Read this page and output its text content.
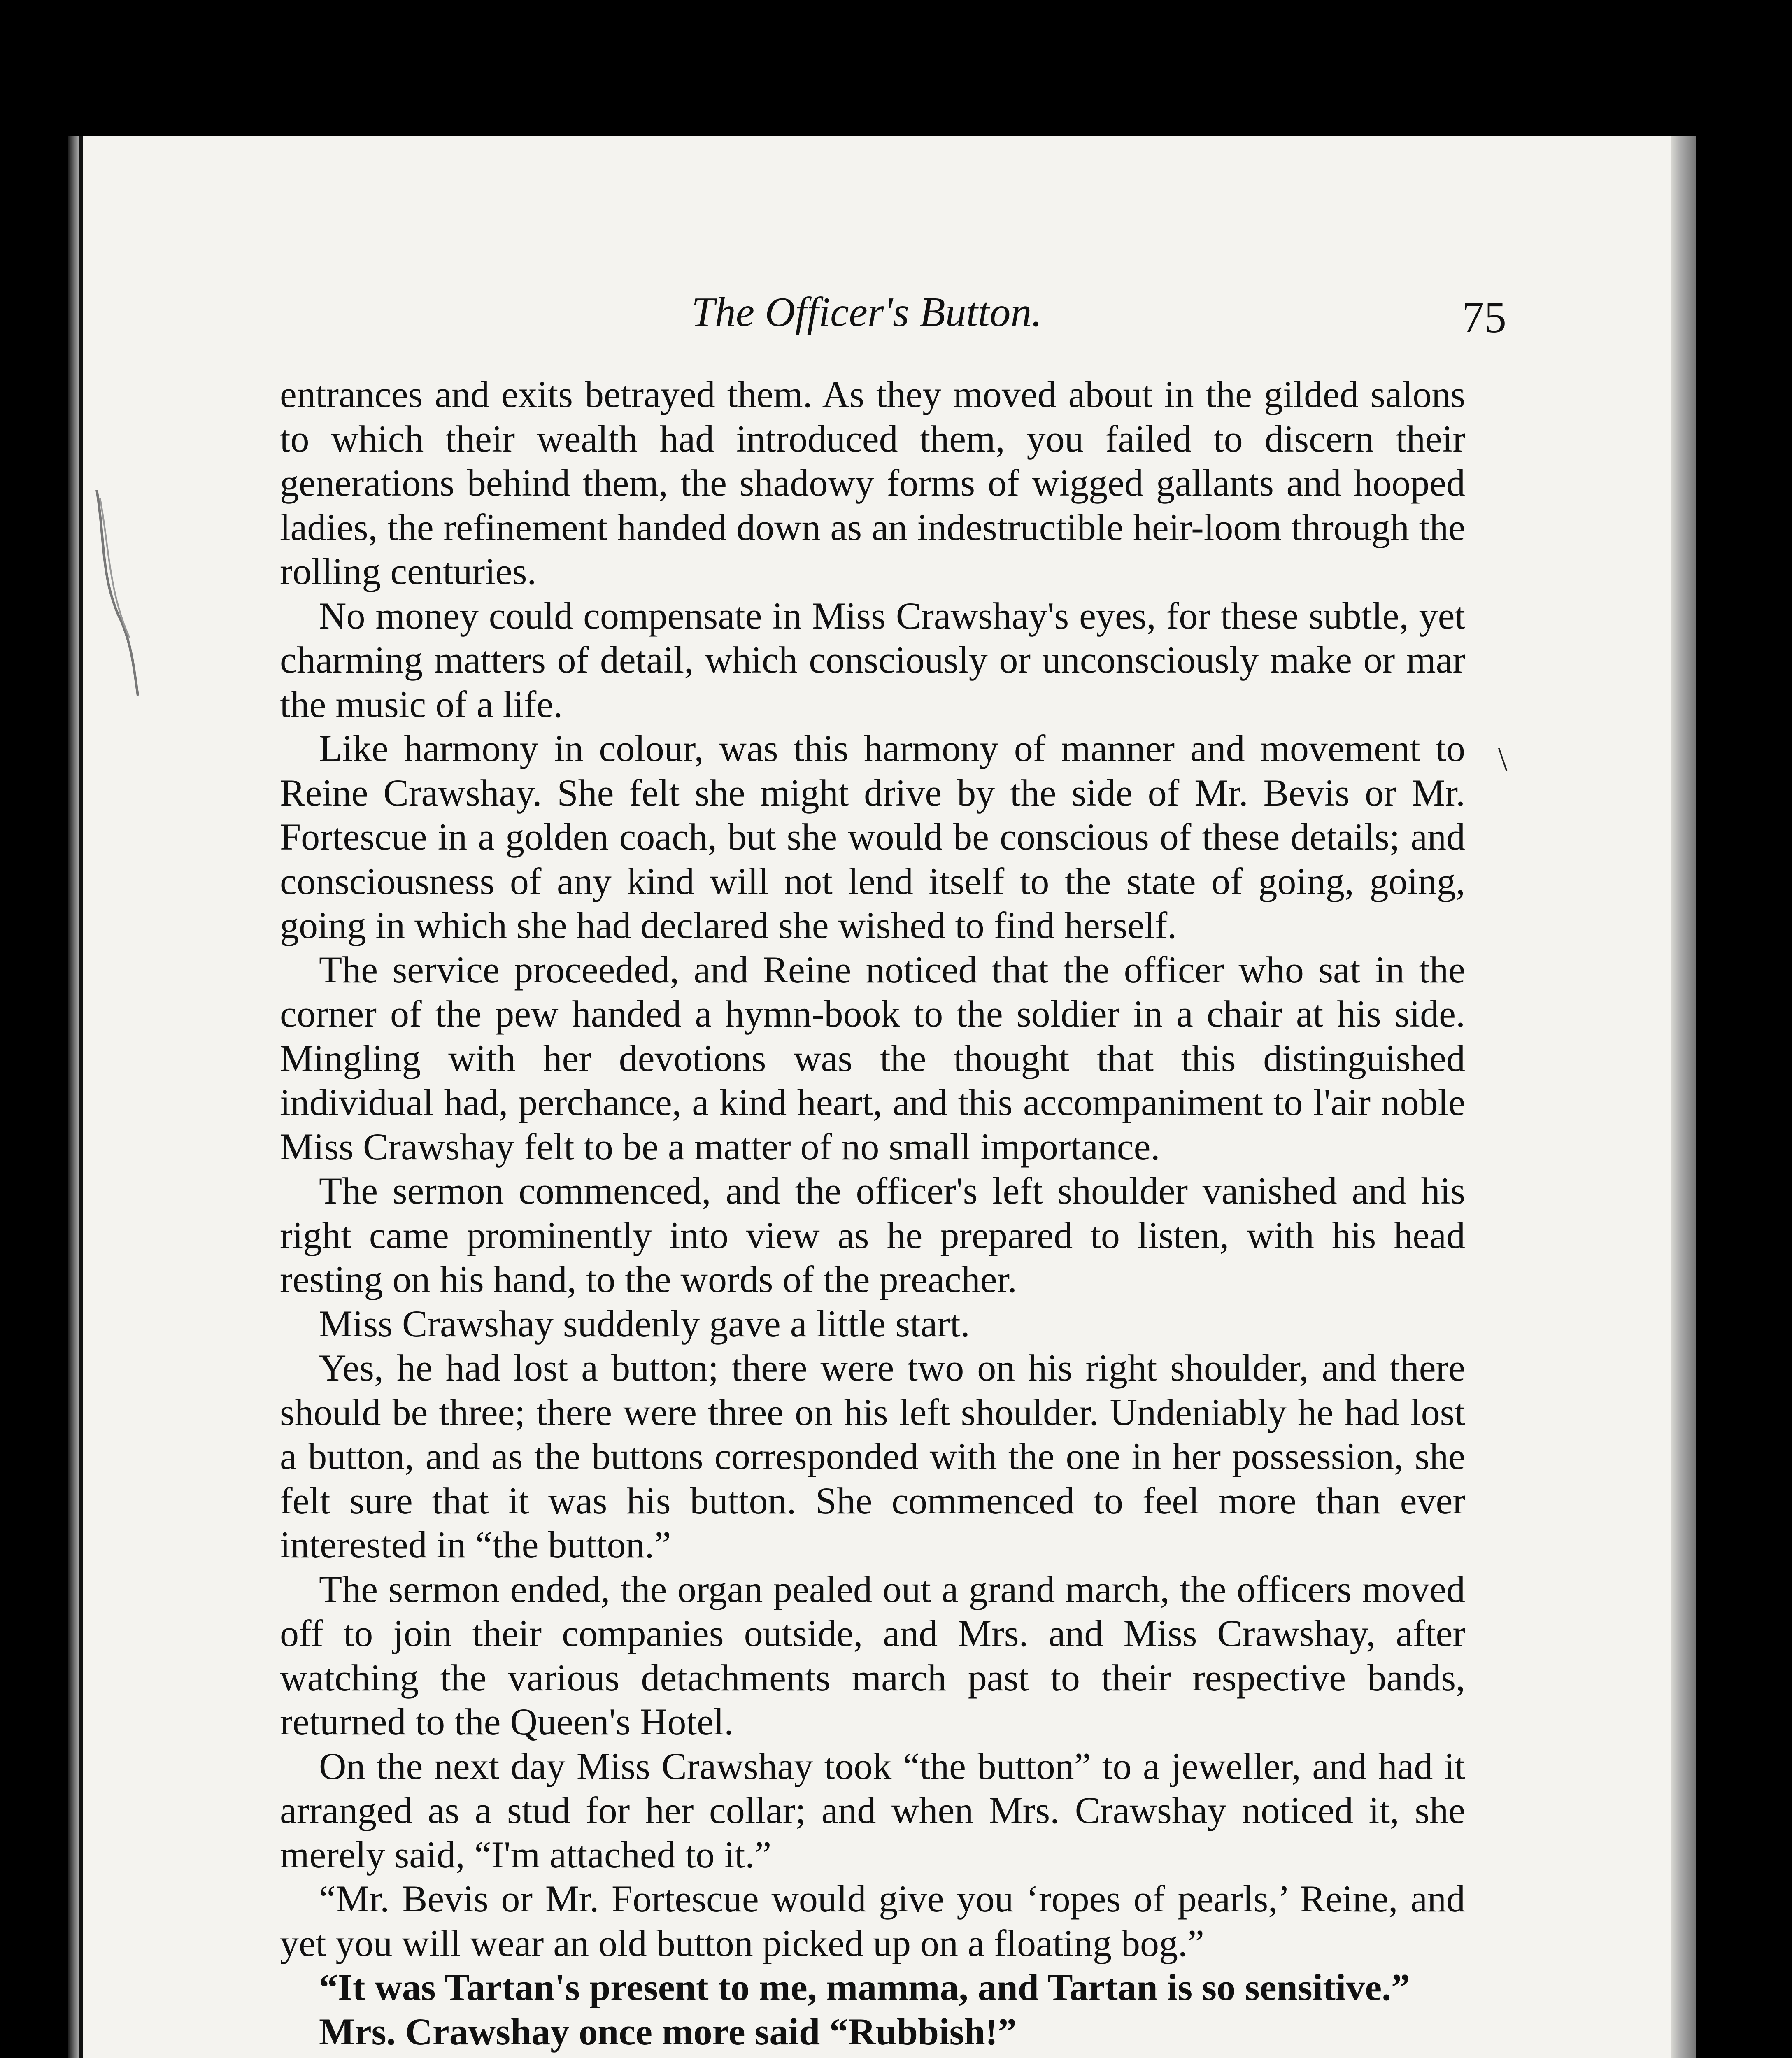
The Officer's Button.	75

entrances and exits betrayed them. As they moved about in the gilded salons to which their wealth had introduced them, you failed to discern their generations behind them, the shadowy forms of wigged gallants and hooped ladies, the refinement handed down as an indestructible heir-loom through the rolling centuries.

No money could compensate in Miss Crawshay's eyes, for these subtle, yet charming matters of detail, which consciously or unconsciously make or mar the music of a life.

Like harmony in colour, was this harmony of manner and movement to Reine Crawshay. She felt she might drive by the side of Mr. Bevis or Mr. Fortescue in a golden coach, but she would be conscious of these details; and consciousness of any kind will not lend itself to the state of going, going, going in which she had declared she wished to find herself.

The service proceeded, and Reine noticed that the officer who sat in the corner of the pew handed a hymn-book to the soldier in a chair at his side. Mingling with her devotions was the thought that this distinguished individual had, perchance, a kind heart, and this accompaniment to l'air noble Miss Crawshay felt to be a matter of no small importance.

The sermon commenced, and the officer's left shoulder vanished and his right came prominently into view as he prepared to listen, with his head resting on his hand, to the words of the preacher.

Miss Crawshay suddenly gave a little start.

Yes, he had lost a button; there were two on his right shoulder, and there should be three; there were three on his left shoulder. Undeniably he had lost a button, and as the buttons corresponded with the one in her possession, she felt sure that it was his button. She commenced to feel more than ever interested in “the button.”

The sermon ended, the organ pealed out a grand march, the officers moved off to join their companies outside, and Mrs. and Miss Crawshay, after watching the various detachments march past to their respective bands, returned to the Queen's Hotel.

On the next day Miss Crawshay took “the button” to a jeweller, and had it arranged as a stud for her collar; and when Mrs. Crawshay noticed it, she merely said, “I'm attached to it.”

“Mr. Bevis or Mr. Fortescue would give you ‘ropes of pearls,’ Reine, and yet you will wear an old button picked up on a floating bog.”

“It was Tartan's present to me, mamma, and Tartan is so sensitive.”

Mrs. Crawshay once more said “Rubbish!”

\
